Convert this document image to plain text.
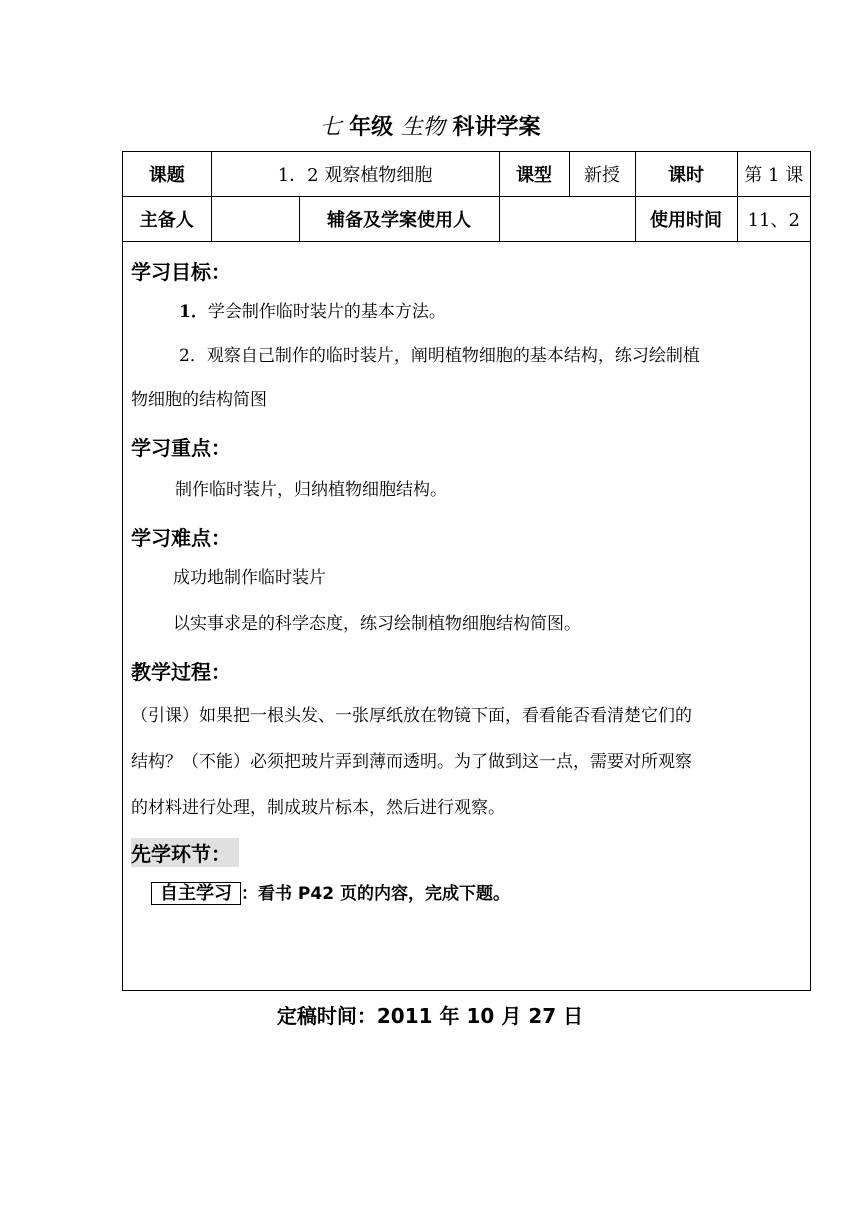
七 年级 生物 科讲学案
课题	1．2 观察植物细胞		课型	新授	课时	第 1 课
主备人		辅备及学案使用人			使用时间	11、2
学习目标：
1．学会制作临时装片的基本方法。
2．观察自己制作的临时装片，阐明植物细胞的基本结构，练习绘制植
物细胞的结构简图
学习重点：
制作临时装片，归纳植物细胞结构。
学习难点：
成功地制作临时装片
以实事求是的科学态度，练习绘制植物细胞结构简图。
教学过程：
（引课）如果把一根头发、一张厚纸放在物镜下面，看看能否看清楚它们的
结构？（不能）必须把玻片弄到薄而透明。为了做到这一点，需要对所观察
的材料进行处理，制成玻片标本，然后进行观察。
先学环节：
自主学习 ：看书 P42 页的内容，完成下题。
定稿时间：2011 年 10 月 27 日
